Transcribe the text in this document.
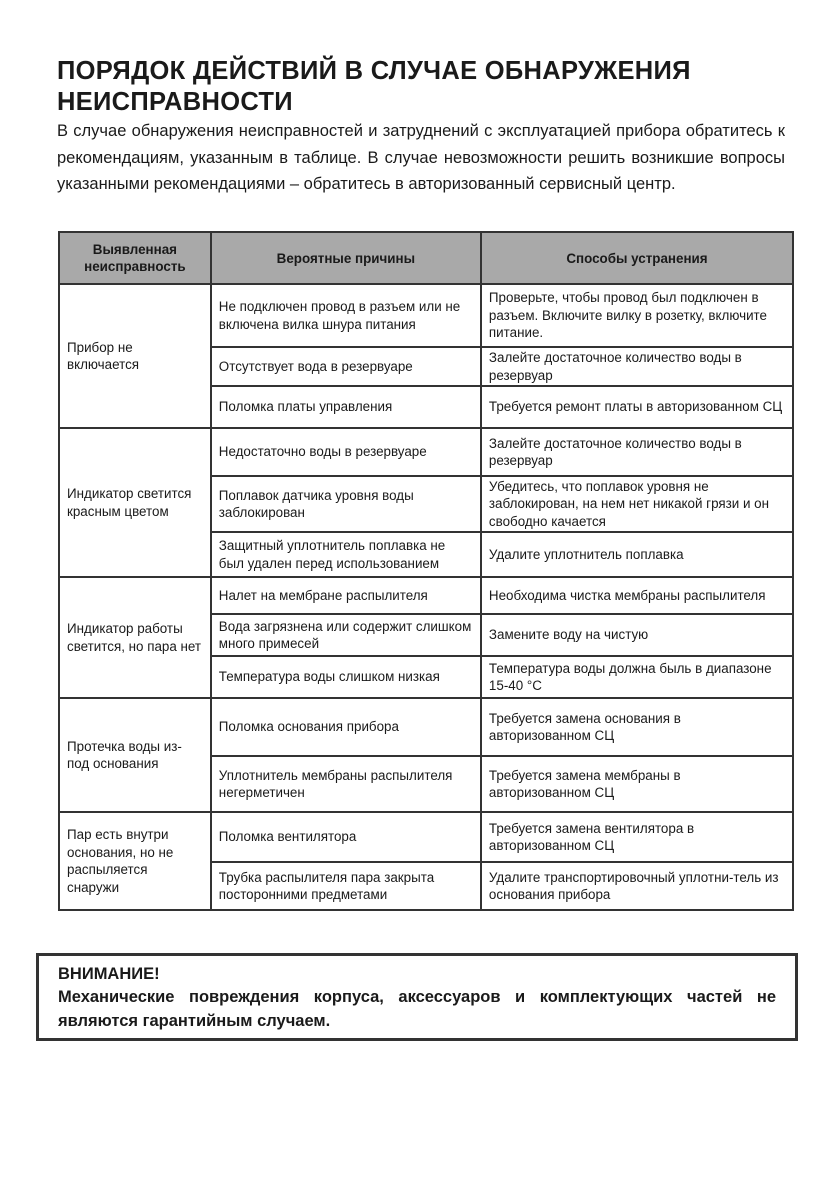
ПОРЯДОК ДЕЙСТВИЙ В СЛУЧАЕ ОБНАРУЖЕНИЯ НЕИСПРАВНОСТИ

В случае обнаружения неисправностей и затруднений с эксплуатацией прибора обратитесь к рекомендациям, указанным в таблице. В случае невозможности решить возникшие вопросы указанными рекомендациями – обратитесь в авторизованный сервисный центр.

Выявленная неисправность	Вероятные причины	Способы устранения
Прибор не включается	Не подключен провод в разъем или не включена вилка шнура питания	Проверьте, чтобы провод был подключен в разъем. Включите вилку в розетку, включите питание.
	Отсутствует вода в резервуаре	Залейте достаточное количество воды в резервуар
	Поломка платы управления	Требуется ремонт платы в авторизованном СЦ
Индикатор светится красным цветом	Недостаточно воды в резервуаре	Залейте достаточное количество воды в резервуар
	Поплавок датчика уровня воды заблокирован	Убедитесь, что поплавок уровня не заблокирован, на нем нет никакой грязи и он свободно качается
	Защитный уплотнитель поплавка не был удален перед использованием	Удалите уплотнитель поплавка
Индикатор работы светится, но пара нет	Налет на мембране распылителя	Необходима чистка мембраны распылителя
	Вода загрязнена или содержит слишком много примесей	Замените воду на чистую
	Температура воды слишком низкая	Температура воды должна быль в диапазоне 15-40 °C
Протечка воды из-под основания	Поломка основания прибора	Требуется замена основания в авторизованном СЦ
	Уплотнитель мембраны распылителя негерметичен	Требуется замена мембраны в авторизованном СЦ
Пар есть внутри основания, но не распыляется снаружи	Поломка вентилятора	Требуется замена вентилятора в авторизованном СЦ
	Трубка распылителя пара закрыта посторонними предметами	Удалите транспортировочный уплотни-тель из основания прибора
ВНИМАНИЕ!
Механические повреждения корпуса, аксессуаров и комплектующих частей не являются гарантийным случаем.
